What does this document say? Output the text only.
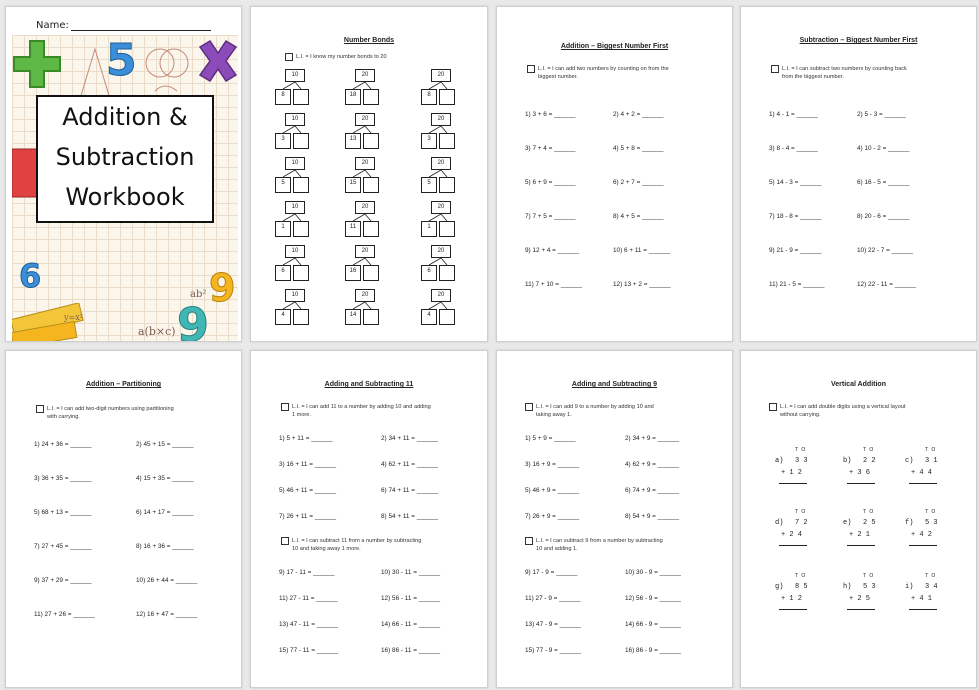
Name:
5
6	9
9
ab²
a(b×c)
y=x²
Addition &
Subtraction
Workbook
Number Bonds
L.I. = I know my number bonds to 20
10
8
10
3
10
5
10
1
10
6
10
4
20
18
20
13
20
15
20
11
20
16
20
14
20
8
20
3
20
5
20
1
20
6
20
4
Addition – Biggest Number First
L.I. = I can add two numbers by counting on from the
biggest number.
1) 3 + 6 = ______	2) 4 + 2 = ______
3) 7 + 4 = ______	4) 5 + 8 = ______
5) 6 + 9 = ______	6) 2 + 7 = ______
7) 7 + 5 = ______	8) 4 + 5 = ______
9) 12 + 4 = ______	10) 6 + 11 = ______
11) 7 + 10 = ______	12) 13 + 2 = ______
Subtraction – Biggest Number First
L.I. = I can subtract two numbers by counting back
from the biggest number.
1) 4 - 1 = ______	2) 5 - 3 = ______
3) 8 - 4 = ______	4) 10 - 2 = ______
5) 14 - 3 = ______	6) 16 - 5 = ______
7) 18 - 8 = ______	8) 20 - 6 = ______
9) 21 - 9 = ______	10) 22 - 7 = ______
11) 21 - 5 = ______	12) 22 - 11 = ______
Addition – Partitioning
L.I. = I can add two-digit numbers using partitioning
with carrying.
1) 24 + 36 = ______	2) 45 + 15 = ______
3) 36 + 35 = ______	4) 15 + 35 = ______
5) 68 + 13 = ______	6) 14 + 17 = ______
7) 27 + 45 = ______	8) 16 + 36 = ______
9) 37 + 29 = ______	10) 26 + 44 = ______
11) 27 + 26 = ______	12) 16 + 47 = ______
Adding and Subtracting 11
L.I. = I can add 11 to a number by adding 10 and adding
1 more.
L.I. = I can subtract 11 from a number by subtracting
10 and taking away 1 more.
1) 5 + 11 = ______	2) 34 + 11 = ______
3) 16 + 11 = ______	4) 62 + 11 = ______
5) 46 + 11 = ______	6) 74 + 11 = ______
7) 26 + 11 = ______	8) 54 + 11 = ______
9) 17 - 11 = ______	10) 30 - 11 = ______
11) 27 - 11 = ______	12) 56 - 11 = ______
13) 47 - 11 = ______	14) 66 - 11 = ______
15) 77 - 11 = ______	16) 86 - 11 = ______
Adding and Subtracting 9
L.I. = I can add 9 to a number by adding 10 and
taking away 1.
L.I. = I can subtract 9 from a number by subtracting
10 and adding 1.
1) 5 + 9 = ______	2) 34 + 9 = ______
3) 16 + 9 = ______	4) 62 + 9 = ______
5) 46 + 9 = ______	6) 74 + 9 = ______
7) 26 + 9 = ______	8) 54 + 9 = ______
9) 17 - 9 = ______	10) 30 - 9 = ______
11) 27 - 9 = ______	12) 56 - 9 = ______
13) 47 - 9 = ______	14) 66 - 9 = ______
15) 77 - 9 = ______	16) 86 - 9 = ______
Vertical Addition
L.I. = I can add double digits using a vertical layout
without carrying.
T O
a) 3 3
+ 1 2
T O
b) 2 2
+ 3 6
T O
c) 3 1
+ 4 4
T O
d) 7 2
+ 2 4
T O
e) 2 5
+ 2 1
T O
f) 5 3
+ 4 2
T O
g) 8 5
+ 1 2
T O
h) 5 3
+ 2 5
T O
i) 3 4
+ 4 1
